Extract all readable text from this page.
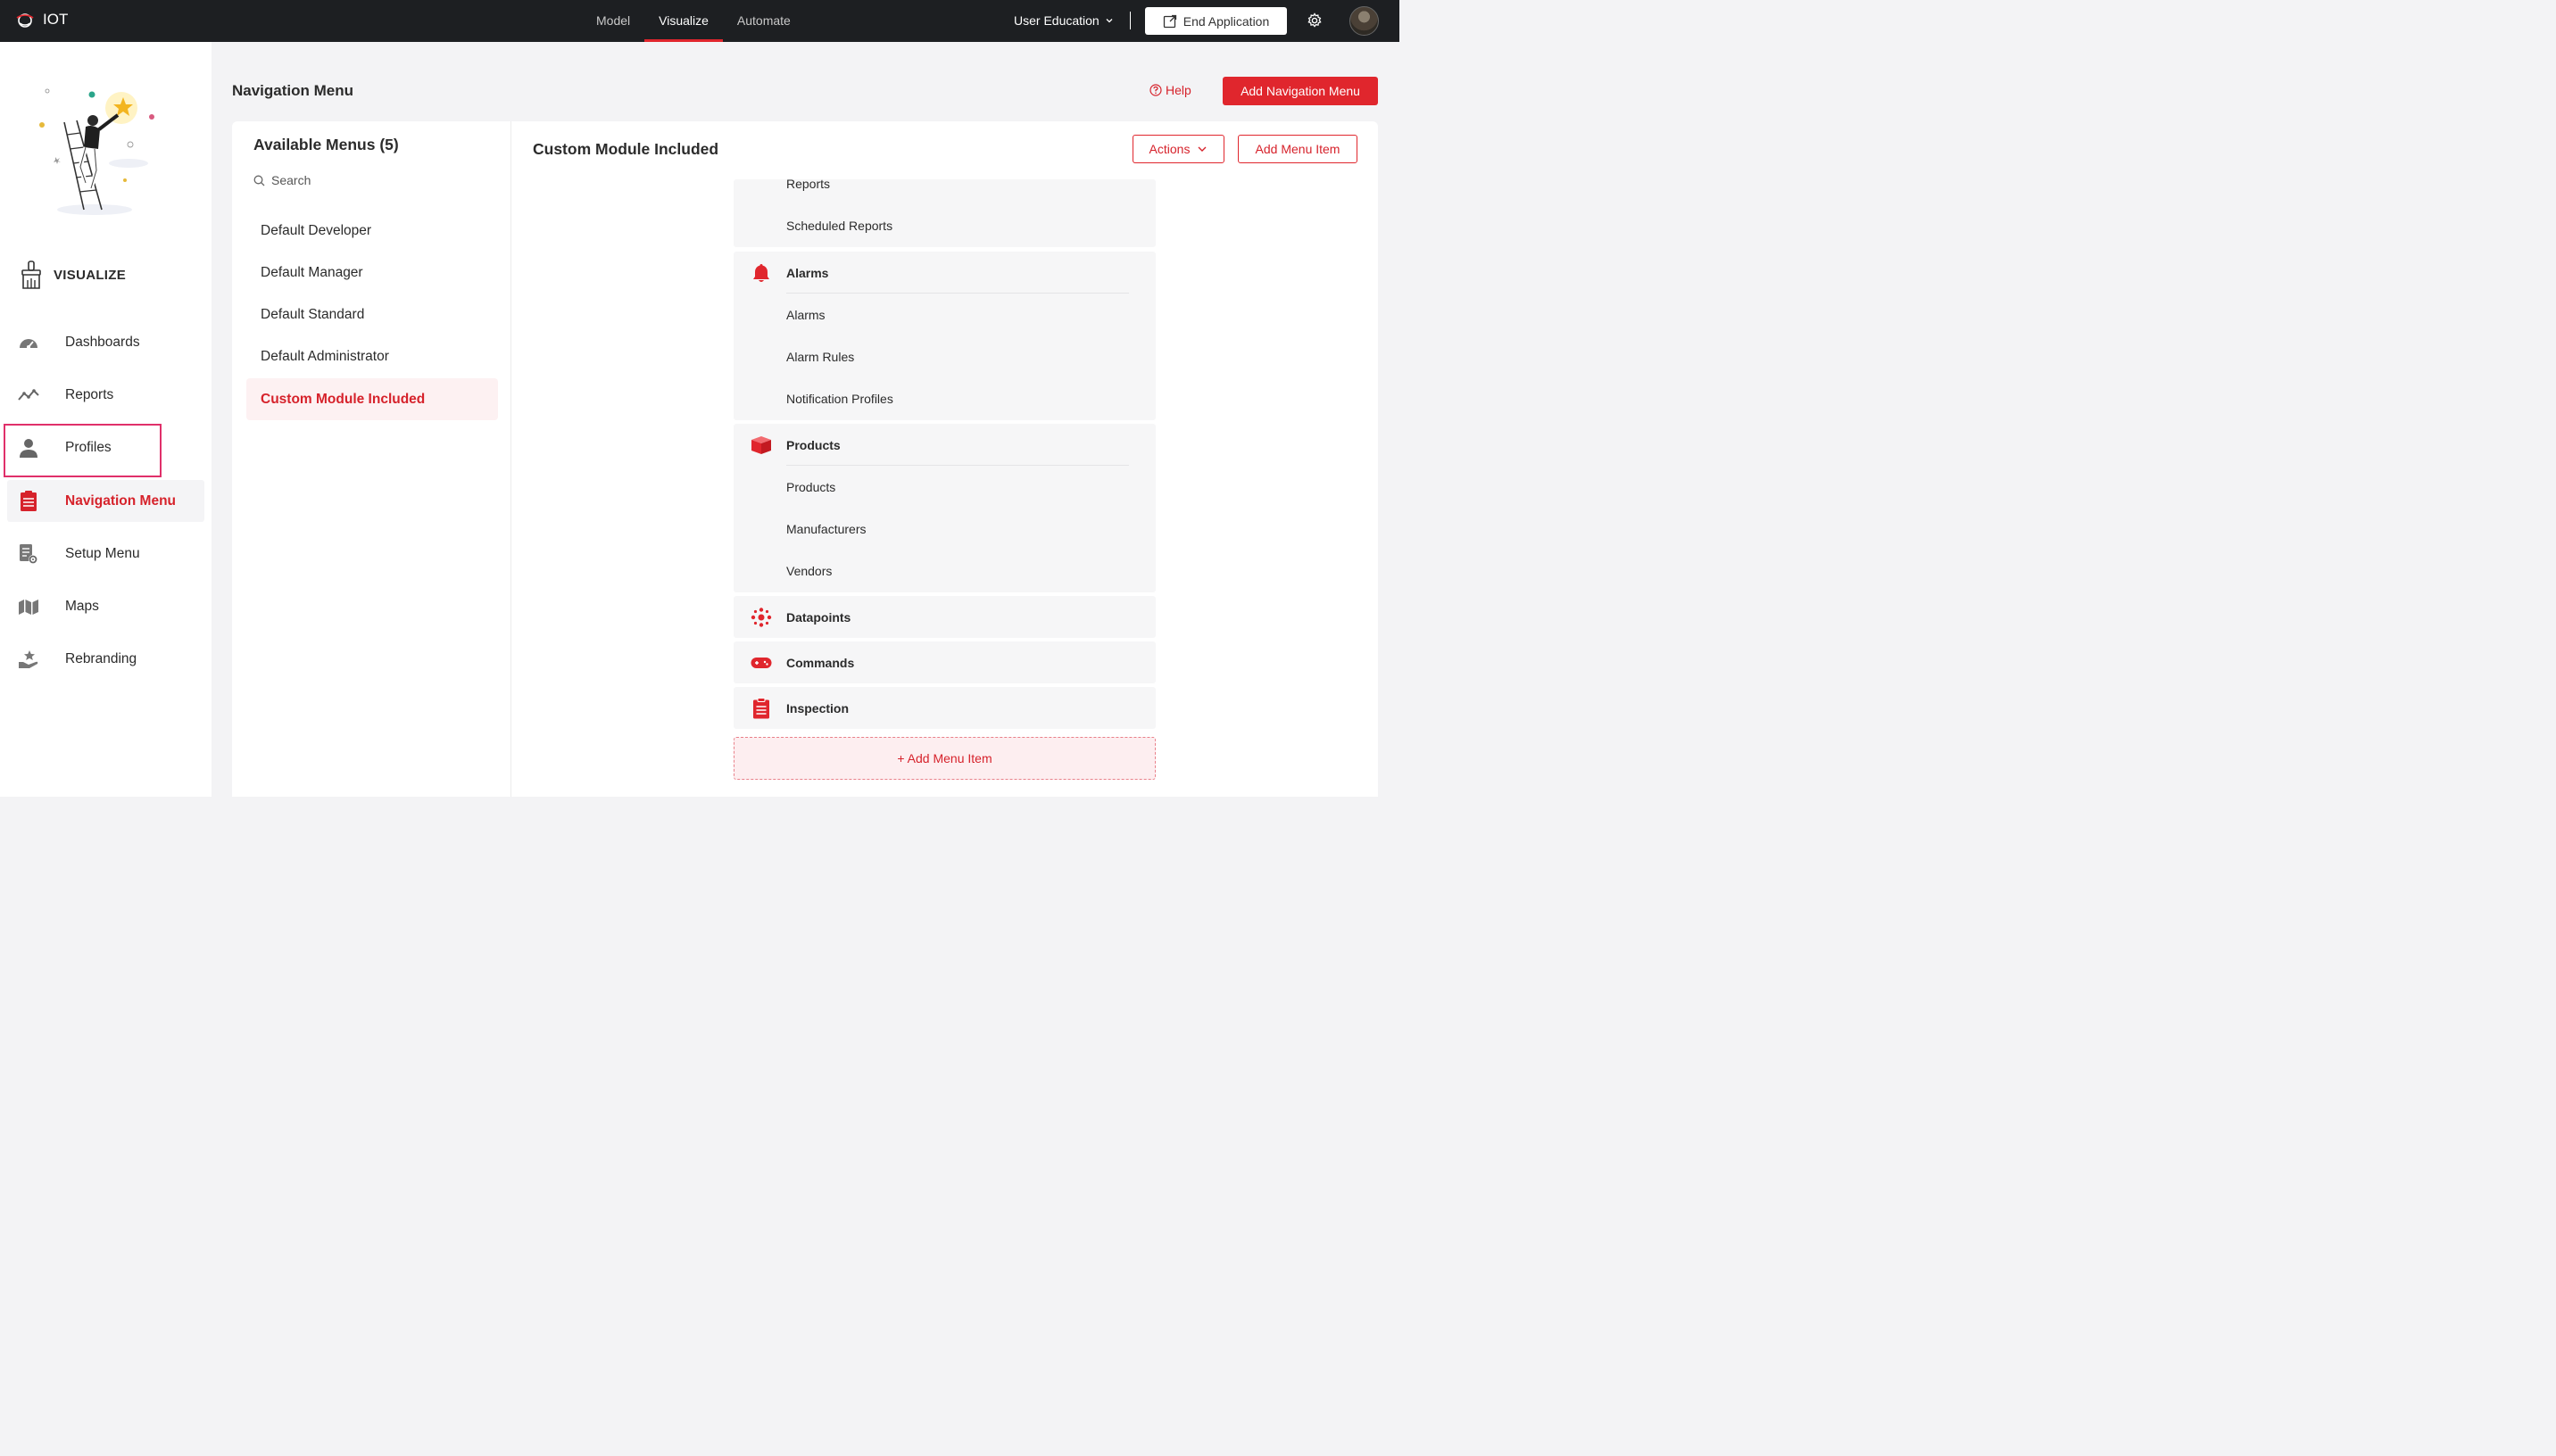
IOT	Model	Visualize	Automate	User Education	End Application
VISUALIZE
Dashboards
Reports
Profiles
Navigation Menu
Setup Menu
Maps
Rebranding
Navigation Menu	Help	Add Navigation Menu
Available Menus (5)
Search
Default Developer
Default Manager
Default Standard
Default Administrator
Custom Module Included
Custom Module Included	Actions	Add Menu Item
Reports
Scheduled Reports
Alarms
Alarms
Alarm Rules
Notification Profiles
Products
Products
Manufacturers
Vendors
Datapoints
Commands
Inspection
+ Add Menu Item
